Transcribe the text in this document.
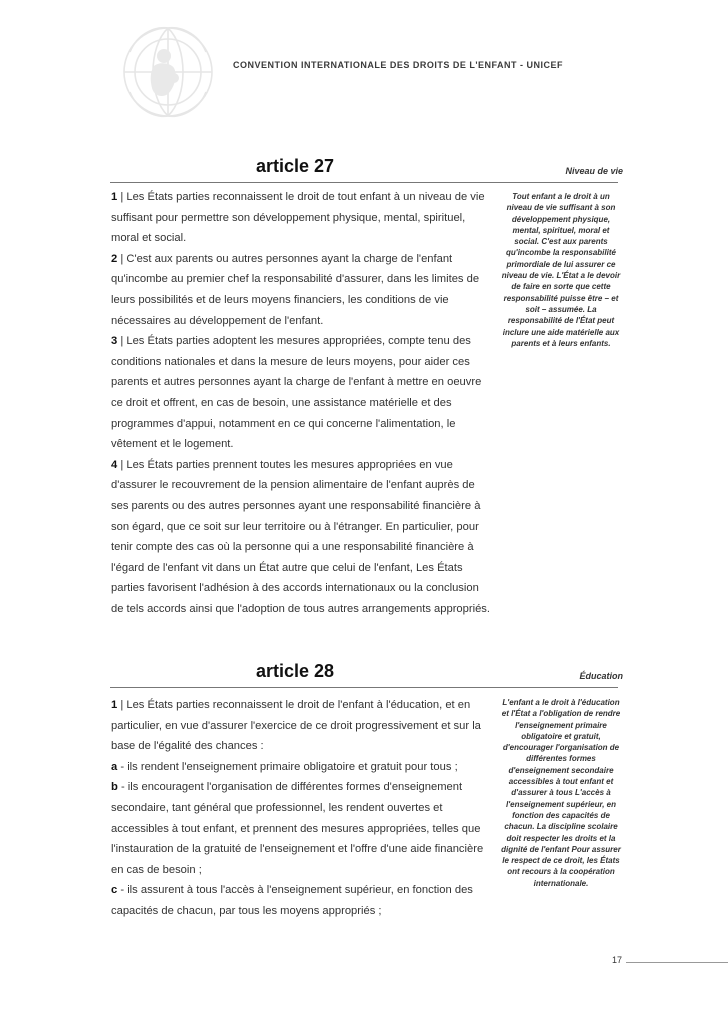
CONVENTION INTERNATIONALE DES DROITS DE L'ENFANT - UNICEF
article 27	Niveau de vie

1 | Les États parties reconnaissent le droit de tout enfant à un niveau de vie suffisant pour permettre son développement physique, mental, spirituel, moral et social.

2 | C'est aux parents ou autres personnes ayant la charge de l'enfant qu'incombe au premier chef la responsabilité d'assurer, dans les limites de leurs possibilités et de leurs moyens financiers, les conditions de vie nécessaires au développement de l'enfant.

3 | Les États parties adoptent les mesures appropriées, compte tenu des conditions nationales et dans la mesure de leurs moyens, pour aider ces parents et autres personnes ayant la charge de l'enfant à mettre en oeuvre ce droit et offrent, en cas de besoin, une assistance matérielle et des programmes d'appui, notamment en ce qui concerne l'alimentation, le vêtement et le logement.

4 | Les États parties prennent toutes les mesures appropriées en vue d'assurer le recouvrement de la pension alimentaire de l'enfant auprès de ses parents ou des autres personnes ayant une responsabilité financière à son égard, que ce soit sur leur territoire ou à l'étranger. En particulier, pour tenir compte des cas où la personne qui a une responsabilité financière à l'égard de l'enfant vit dans un État autre que celui de l'enfant, Les États parties favorisent l'adhésion à des accords internationaux ou la conclusion de tels accords ainsi que l'adoption de tous autres arrangements appropriés.

Tout enfant a le droit à un niveau de vie suffisant à son développement physique, mental, spirituel, moral et social. C'est aux parents qu'incombe la responsabilité primordiale de lui assurer ce niveau de vie. L'État a le devoir de faire en sorte que cette responsabilité puisse être – et soit – assumée. La responsabilité de l'État peut inclure une aide matérielle aux parents et à leurs enfants.

article 28	Éducation

1 | Les États parties reconnaissent le droit de l'enfant à l'éducation, et en particulier, en vue d'assurer l'exercice de ce droit progressivement et sur la base de l'égalité des chances :

a - ils rendent l'enseignement primaire obligatoire et gratuit pour tous ;

b - ils encouragent l'organisation de différentes formes d'enseignement secondaire, tant général que professionnel, les rendent ouvertes et accessibles à tout enfant, et prennent des mesures appropriées, telles que l'instauration de la gratuité de l'enseignement et l'offre d'une aide financière en cas de besoin ;

c - ils assurent à tous l'accès à l'enseignement supérieur, en fonction des capacités de chacun, par tous les moyens appropriés ;

L'enfant a le droit à l'éducation et l'État a l'obligation de rendre l'enseignement primaire obligatoire et gratuit, d'encourager l'organisation de différentes formes d'enseignement secondaire accessibles à tout enfant et d'assurer à tous L'accès à l'enseignement supérieur, en fonction des capacités de chacun. La discipline scolaire doit respecter les droits et la dignité de l'enfant Pour assurer le respect de ce droit, les États ont recours à la coopération internationale.

17
